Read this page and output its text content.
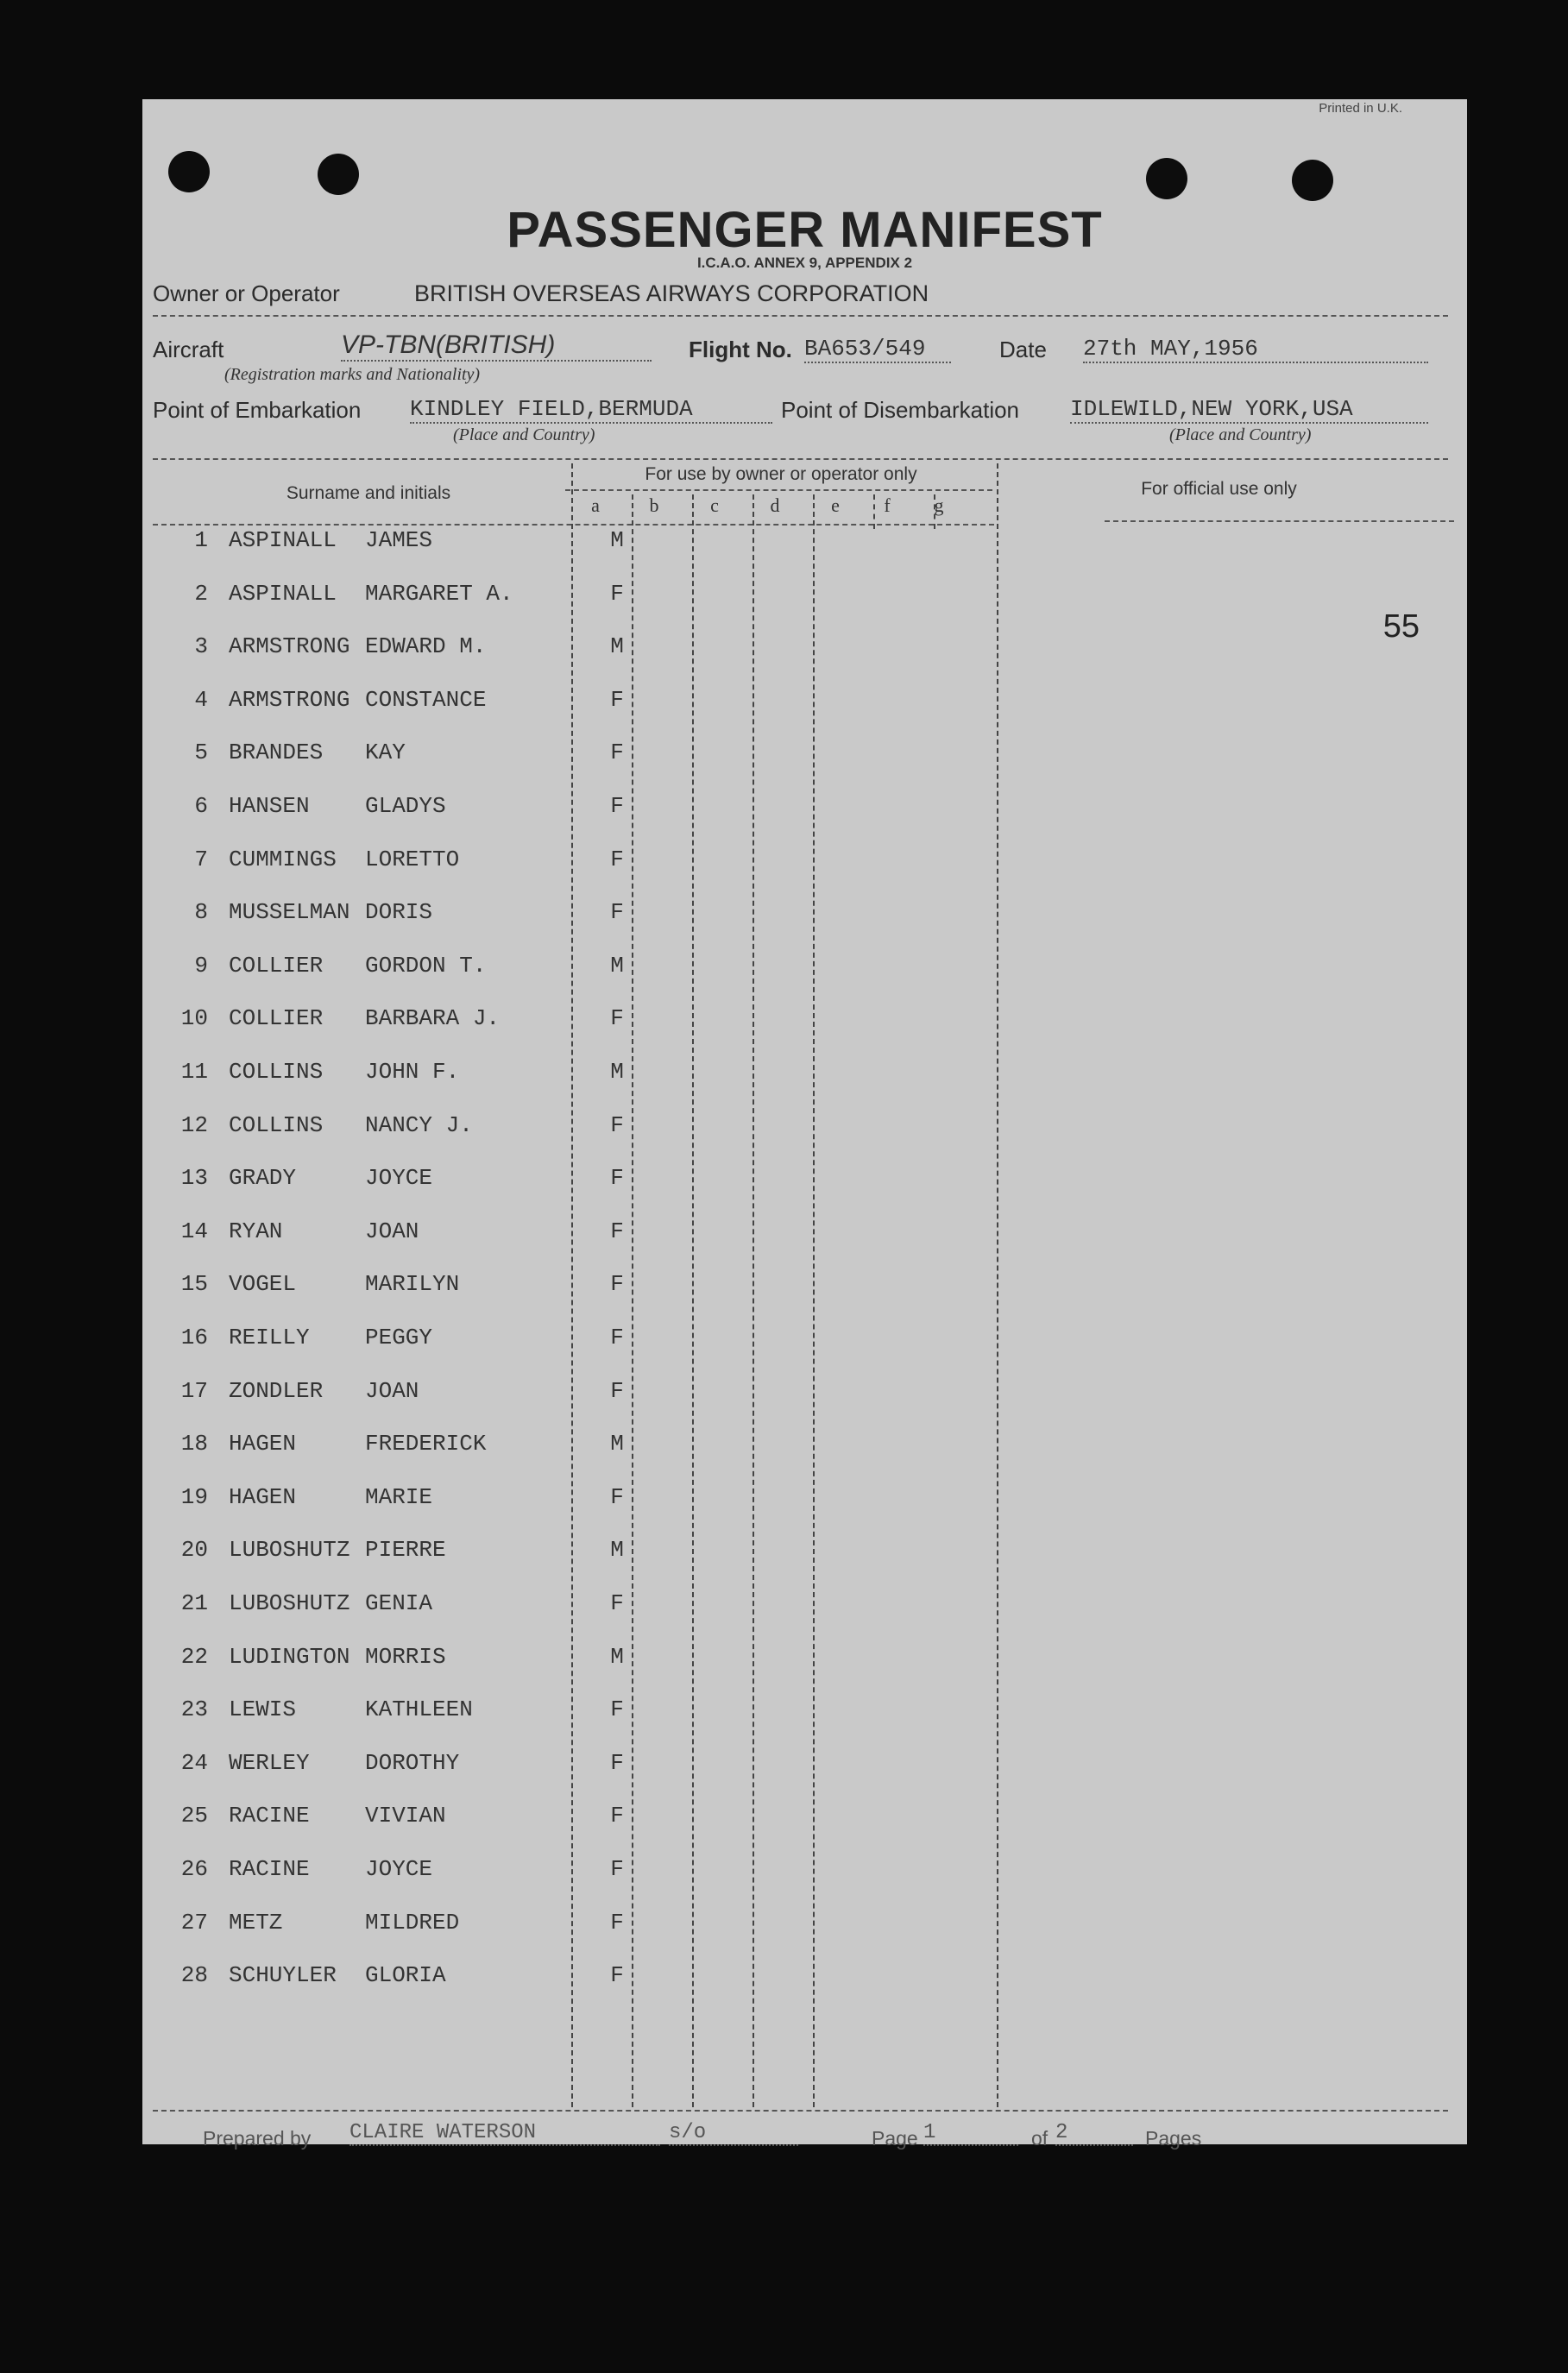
Printed in U.K.
PASSENGER MANIFEST
I.C.A.O. ANNEX 9, APPENDIX 2
Owner or Operator	BRITISH OVERSEAS AIRWAYS CORPORATION
Aircraft	VP-TBN(BRITISH)
(Registration marks and Nationality)
Flight No. BA653/549	Date 27th MAY,1956
Point of Embarkation KINDLEY FIELD,BERMUDA
(Place and Country)
Point of Disembarkation IDLEWILD,NEW YORK,USA
(Place and Country)
Surname and initials
For use by owner or operator only
For official use only
a	b	c	d	e	f	g
1 ASPINALL JAMES	M
2 ASPINALL MARGARET A.	F
3 ARMSTRONG EDWARD M.	M
4 ARMSTRONG CONSTANCE	F
5 BRANDES KAY	F
6 HANSEN GLADYS	F
7 CUMMINGS LORETTO	F
8 MUSSELMAN DORIS	F
9 COLLIER GORDON T.	M
10 COLLIER BARBARA J.	F
11 COLLINS JOHN F.	M
12 COLLINS NANCY J.	F
13 GRADY	JOYCE	F
14 RYAN	JOAN	F
15 VOGEL	MARILYN	F
16 REILLY PEGGY	F
17 ZONDLER JOAN	F
18 HAGEN	FREDERICK	M
19 HAGEN	MARIE	F
20 LUBOSHUTZ PIERRE	M
21 LUBOSHUTZ GENIA	F
22 LUDINGTON MORRIS	M
23 LEWIS	KATHLEEN	F
24 WERLEY DOROTHY	F
25 RACINE VIVIAN	F
26 RACINE JOYCE	F
27 METZ	MILDRED	F
28 SCHUYLER GLORIA	F
55
Prepared by CLAIRE WATERSON	s/o	Page 1	of 2	Pages
